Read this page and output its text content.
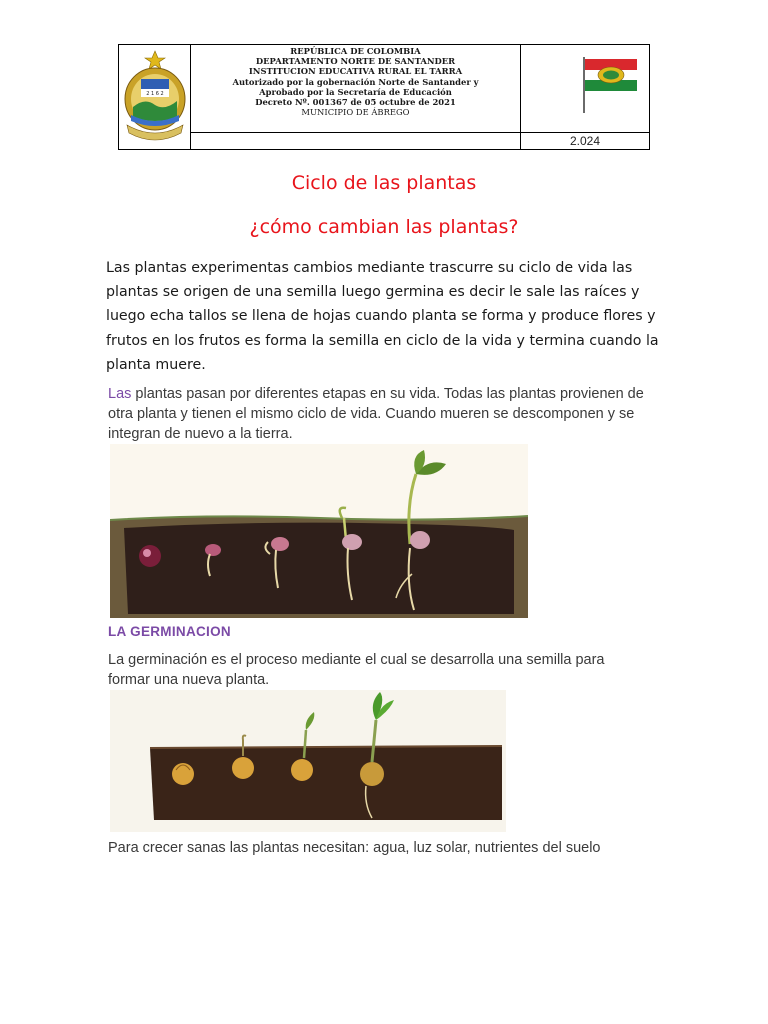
2 1 6 2
REPÚBLICA DE COLOMBIA
DEPARTAMENTO NORTE DE SANTANDER
INSTITUCION EDUCATIVA RURAL EL TARRA
Autorizado por la gobernación Norte de Santander y
Aprobado por la Secretaría de Educación
Decreto Nº. 001367 de 05 octubre de 2021
MUNICIPIO DE ÁBREGO
2.024
Ciclo de las plantas
¿cómo cambian las plantas?
Las plantas experimentas cambios mediante trascurre su ciclo de vida las plantas se origen de una semilla luego germina es decir le sale las raíces y luego echa tallos se llena de hojas cuando planta se forma y produce flores y frutos en los frutos es forma la semilla en ciclo de la vida y termina cuando la planta muere.
Las plantas pasan por diferentes etapas en su vida. Todas las plantas provienen de otra planta y tienen el mismo ciclo de vida. Cuando mueren se descomponen y se integran de nuevo a la tierra.
LA GERMINACION
La germinación es el proceso mediante el cual se desarrolla una semilla para formar una nueva planta.
Para crecer sanas las plantas necesitan: agua, luz solar, nutrientes del suelo
